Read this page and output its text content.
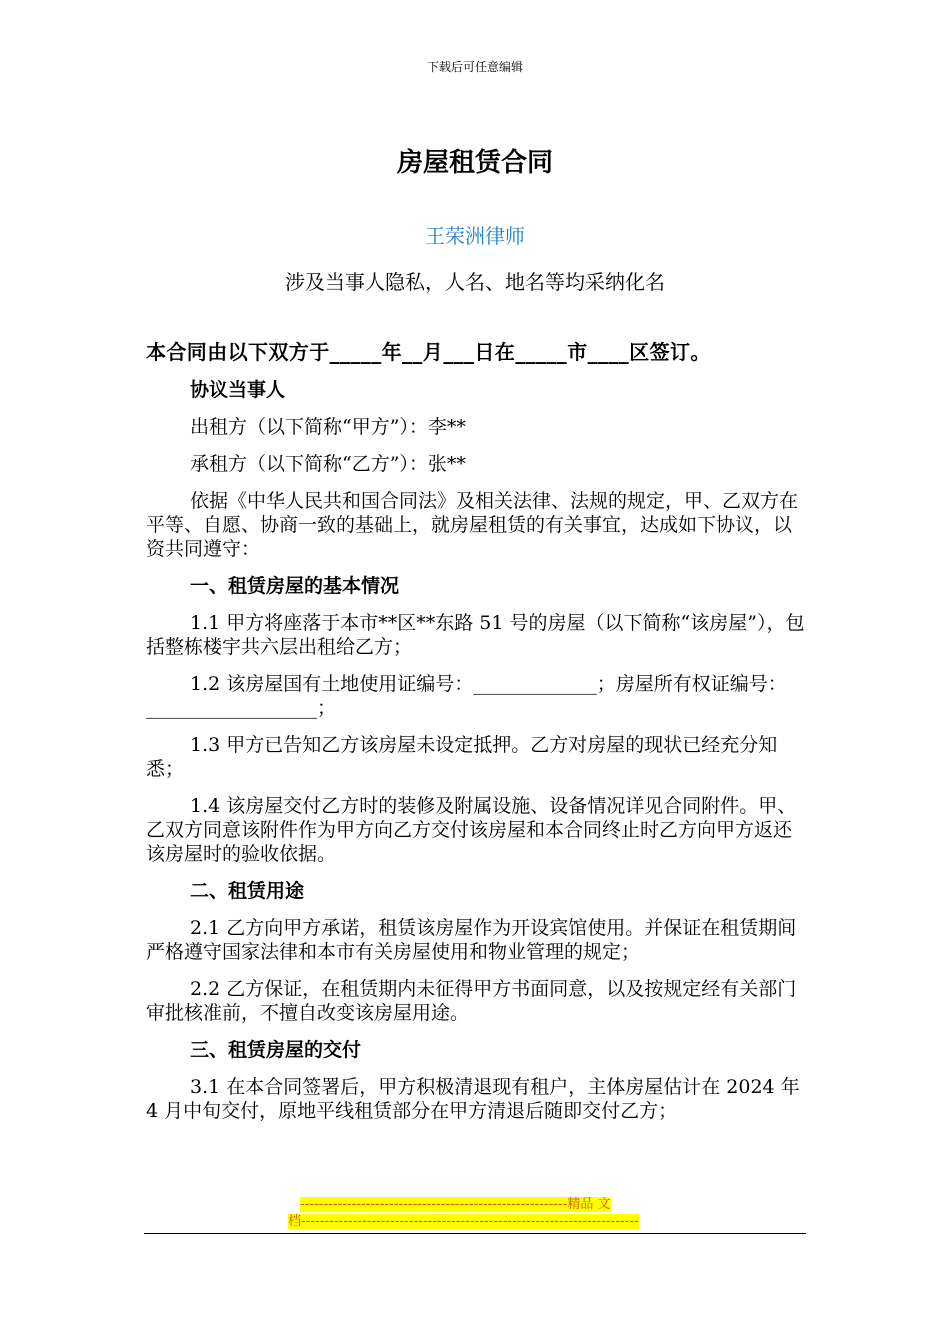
下载后可任意编辑
房屋租赁合同
王荣洲律师
涉及当事人隐私，人名、地名等均采纳化名
本合同由以下双方于_____年__月___日在_____市____区签订。
协议当事人
出租方（以下简称“甲方”）：李**
承租方（以下简称“乙方”）：张**
依据《中华人民共和国合同法》及相关法律、法规的规定，甲、乙双方在平等、自愿、协商一致的基础上，就房屋租赁的有关事宜，达成如下协议，以资共同遵守：
一、租赁房屋的基本情况
1.1 甲方将座落于本市**区**东路 51 号的房屋（以下简称“该房屋”），包括整栋楼宇共六层出租给乙方；
1.2 该房屋国有土地使用证编号：_____________；房屋所有权证编号：__________________；
1.3 甲方已告知乙方该房屋未设定抵押。乙方对房屋的现状已经充分知悉；
1.4 该房屋交付乙方时的装修及附属设施、设备情况详见合同附件。甲、乙双方同意该附件作为甲方向乙方交付该房屋和本合同终止时乙方向甲方返还该房屋时的验收依据。
二、租赁用途
2.1 乙方向甲方承诺，租赁该房屋作为开设宾馆使用。并保证在租赁期间严格遵守国家法律和本市有关房屋使用和物业管理的规定；
2.2 乙方保证，在租赁期内未征得甲方书面同意，以及按规定经有关部门审批核准前，不擅自改变该房屋用途。
三、租赁房屋的交付
3.1 在本合同签署后，甲方积极清退现有租户，主体房屋估计在 2024 年 4 月中旬交付，原地平线租赁部分在甲方清退后随即交付乙方；
---------------------------------------------------------精品 文
档------------------------------------------------------------------------
